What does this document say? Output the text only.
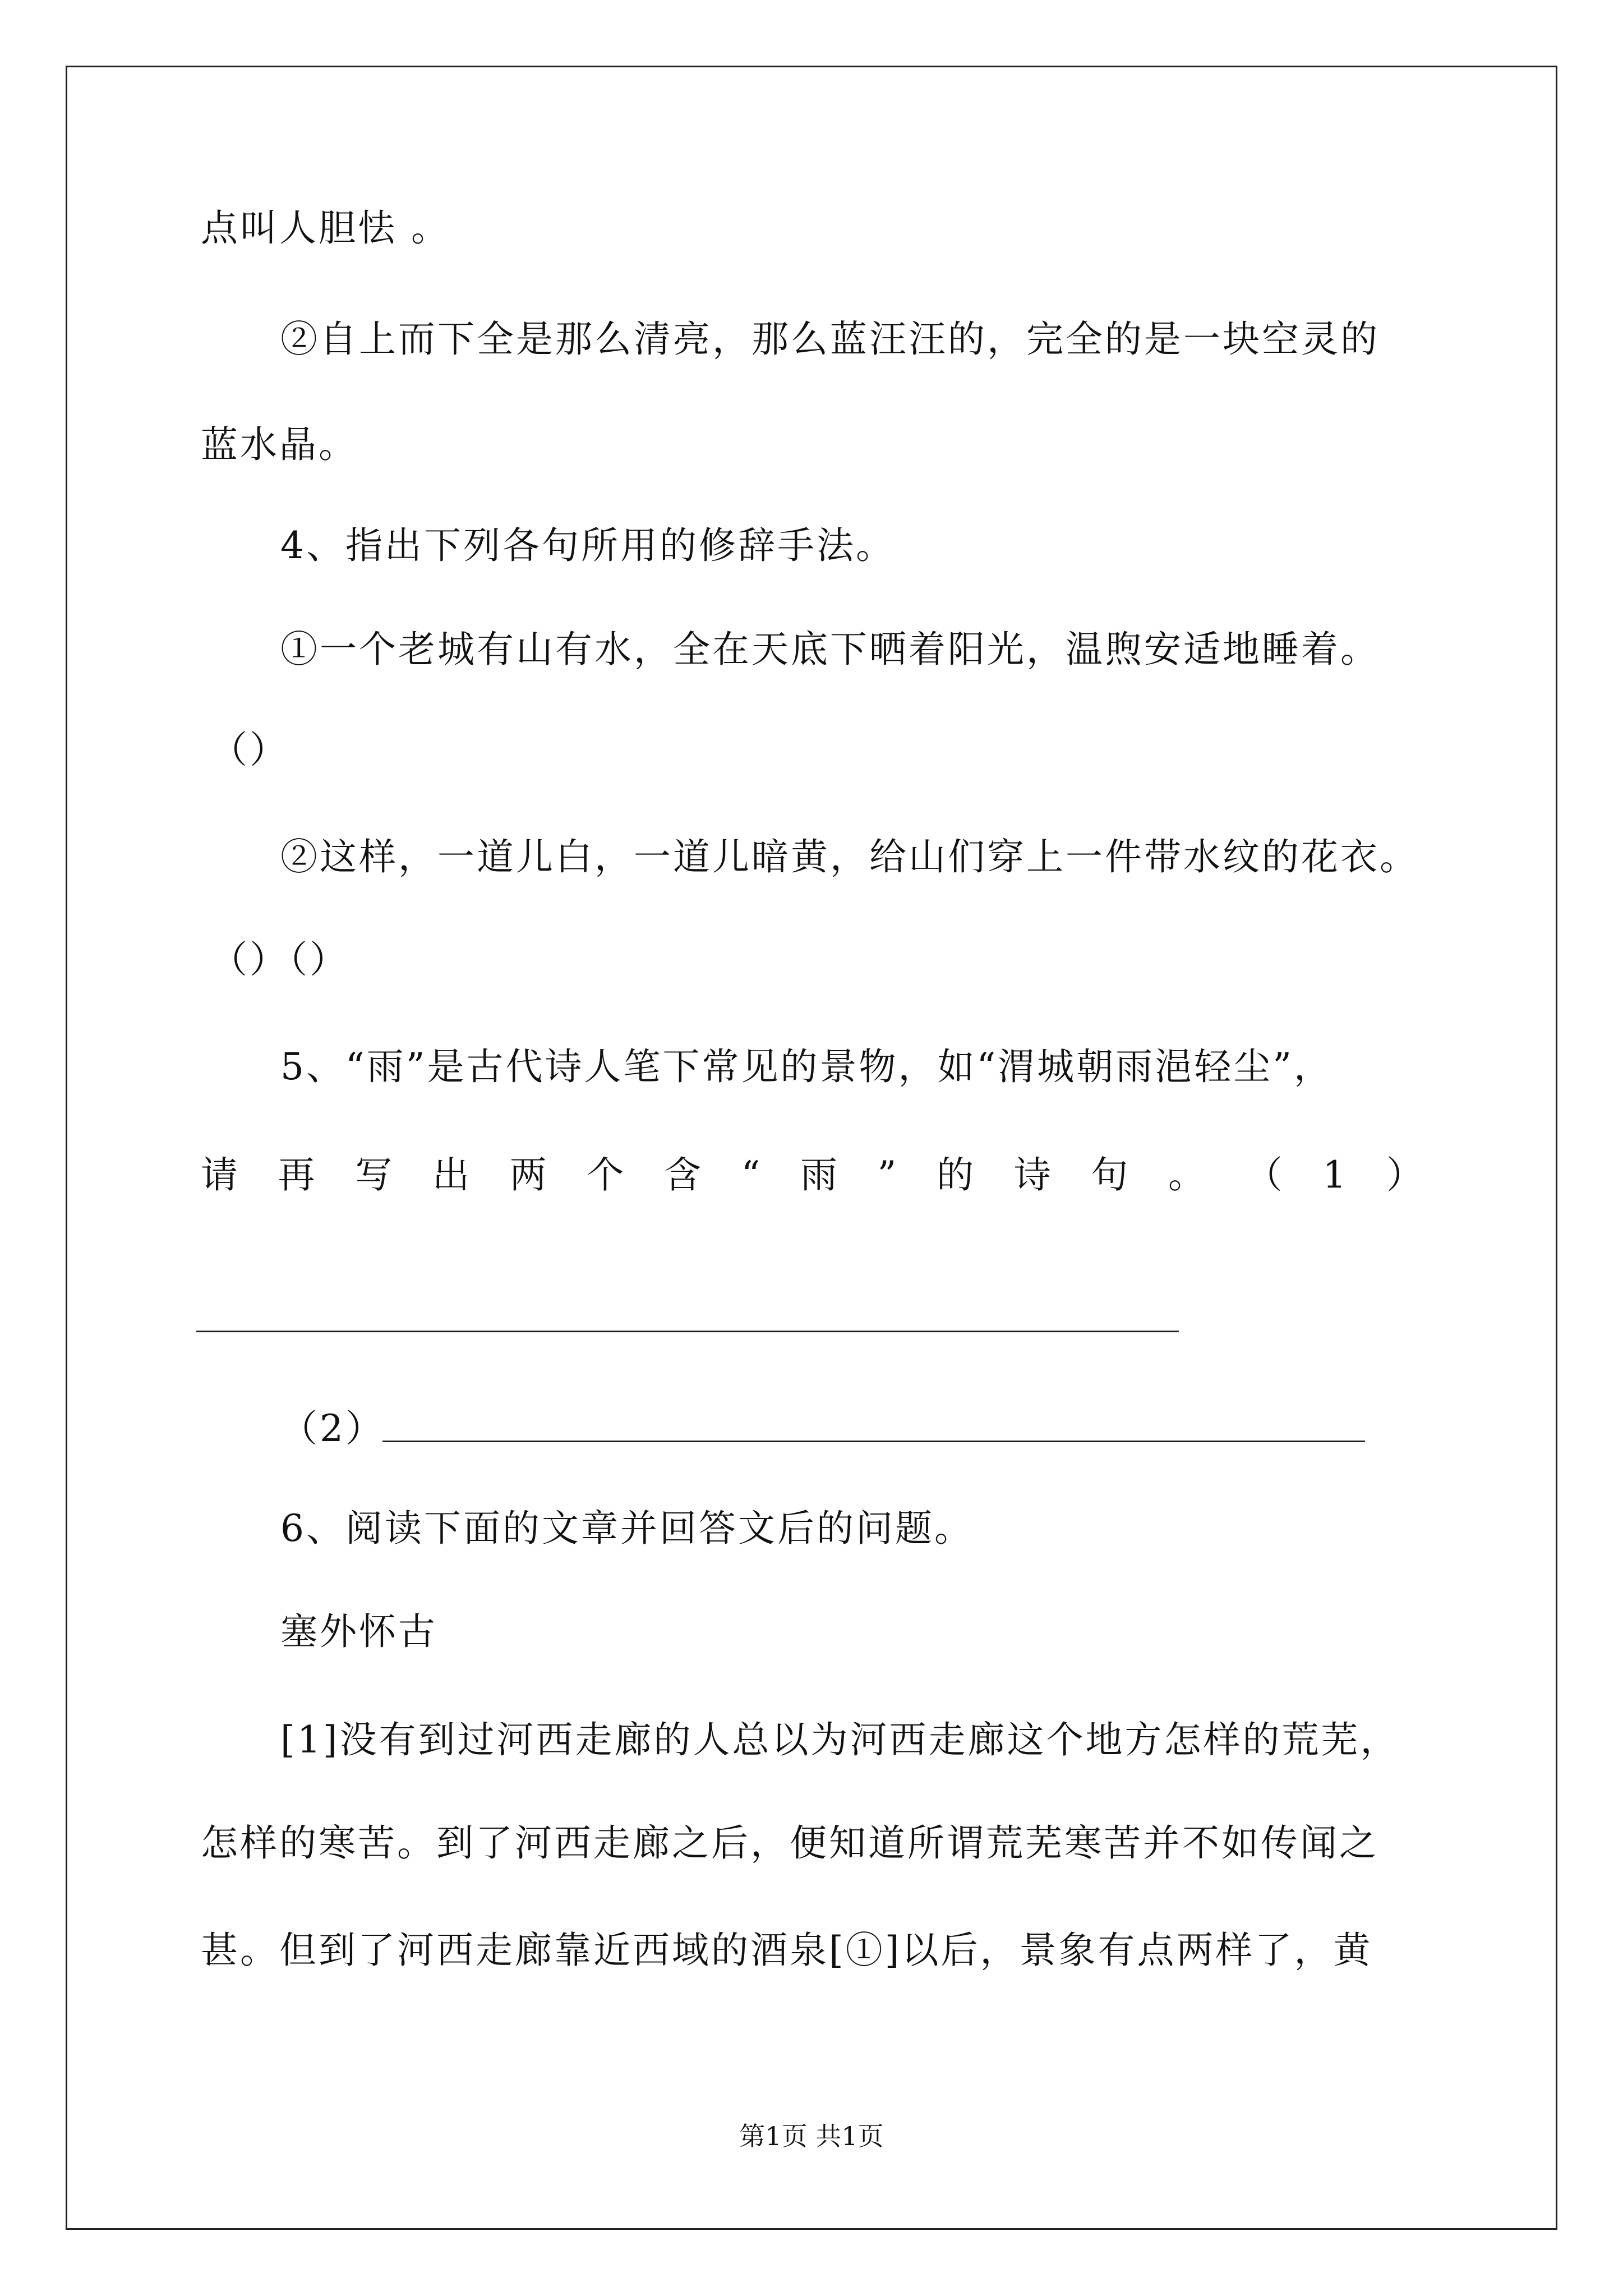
点叫人胆怯 。
②自上而下全是那么清亮，那么蓝汪汪的，完全的是一块空灵的
蓝水晶。
4、指出下列各句所用的修辞手法。
①一个老城有山有水，全在天底下晒着阳光，温煦安适地睡着。
（）
②这样，一道儿白，一道儿暗黄，给山们穿上一件带水纹的花衣。
（）（）
5、“雨”是古代诗人笔下常见的景物，如“渭城朝雨浥轻尘”，
请 再 写 出 两 个 含 “ 雨 ” 的 诗 句 。 （ 1 ）
（2）
6、阅读下面的文章并回答文后的问题。
塞外怀古
[1]没有到过河西走廊的人总以为河西走廊这个地方怎样的荒芜，
怎样的寒苦。到了河西走廊之后，便知道所谓荒芜寒苦并不如传闻之
甚。但到了河西走廊靠近西域的酒泉[①]以后，景象有点两样了，黄
第1页 共1页
